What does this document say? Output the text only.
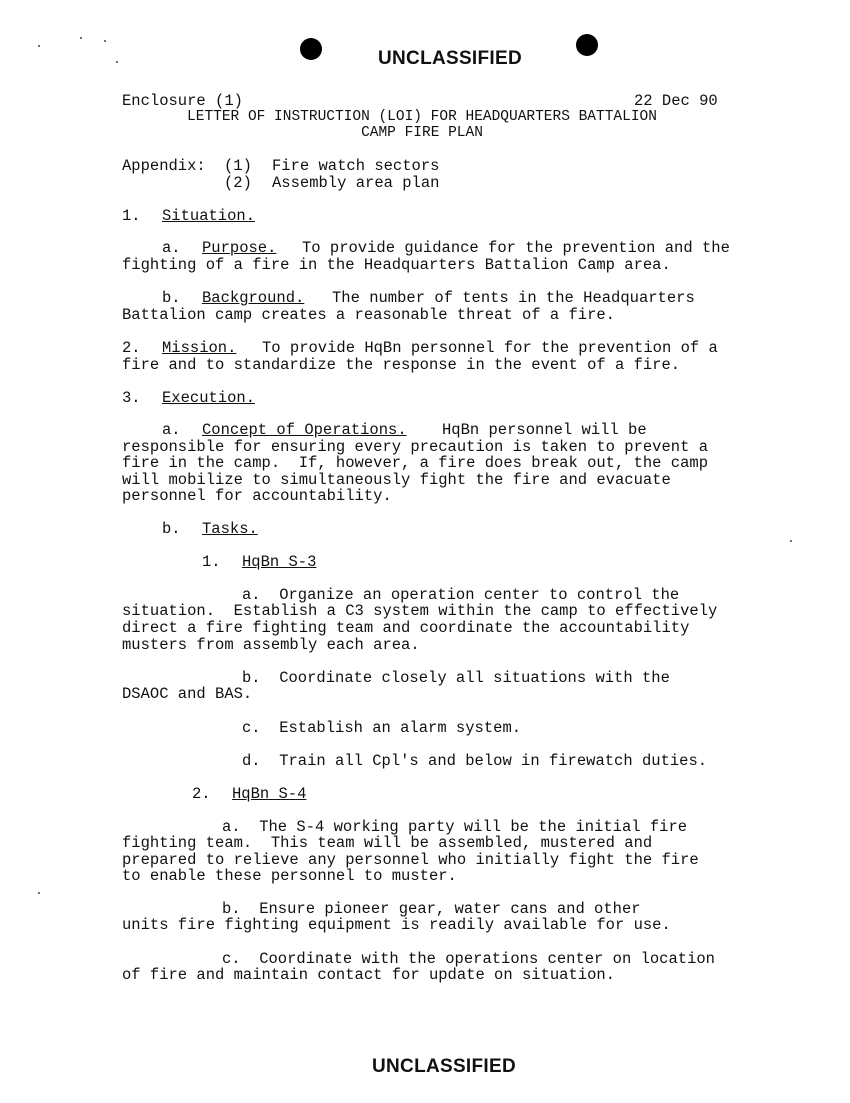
UNCLASSIFIED
Enclosure (1)	22 Dec 90
LETTER OF INSTRUCTION (LOI) FOR HEADQUARTERS BATTALION
CAMP FIRE PLAN
Appendix: (1) Fire watch sectors
(2) Assembly area plan
1. Situation.
a. Purpose. To provide guidance for the prevention and the
fighting of a fire in the Headquarters Battalion Camp area.
b. Background. The number of tents in the Headquarters
Battalion camp creates a reasonable threat of a fire.
2. Mission. To provide HqBn personnel for the prevention of a
fire and to standardize the response in the event of a fire.
3. Execution.
a. Concept of Operations. HqBn personnel will be
responsible for ensuring every precaution is taken to prevent a
fire in the camp.  If, however, a fire does break out, the camp
will mobilize to simultaneously fight the fire and evacuate
personnel for accountability.
b. Tasks.
1. HqBn S-3
a.  Organize an operation center to control the
situation.  Establish a C3 system within the camp to effectively
direct a fire fighting team and coordinate the accountability
musters from assembly each area.
b.  Coordinate closely all situations with the
DSAOC and BAS.
c.  Establish an alarm system.
d.  Train all Cpl's and below in firewatch duties.
2. HqBn S-4
a.  The S-4 working party will be the initial fire
fighting team.  This team will be assembled, mustered and
prepared to relieve any personnel who initially fight the fire
to enable these personnel to muster.
b.  Ensure pioneer gear, water cans and other
units fire fighting equipment is readily available for use.
c.  Coordinate with the operations center on location
of fire and maintain contact for update on situation.
UNCLASSIFIED
